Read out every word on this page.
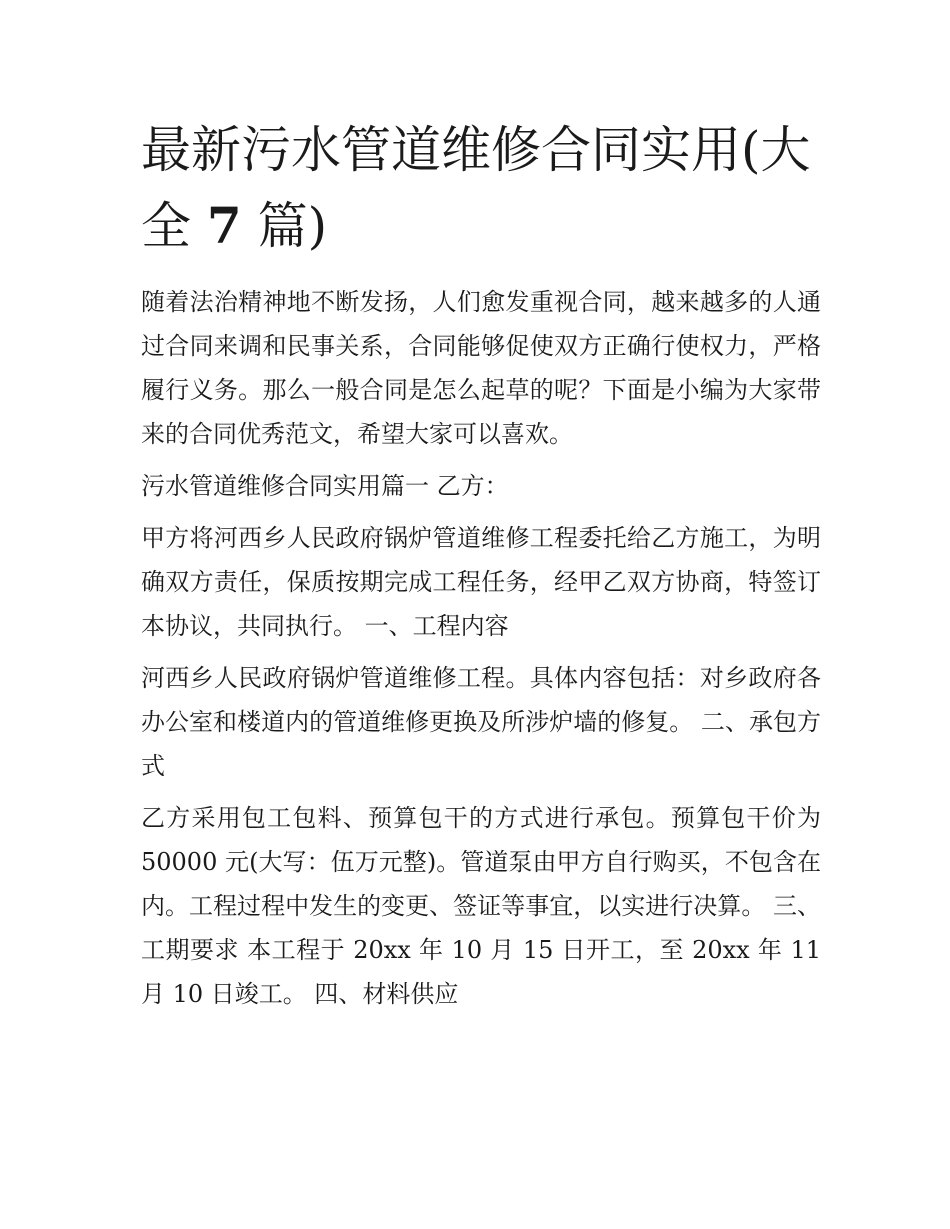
最新污水管道维修合同实用(大全 7 篇)

随着法治精神地不断发扬，人们愈发重视合同，越来越多的人通过合同来调和民事关系，合同能够促使双方正确行使权力，严格履行义务。那么一般合同是怎么起草的呢？下面是小编为大家带来的合同优秀范文，希望大家可以喜欢。

污水管道维修合同实用篇一 乙方：

甲方将河西乡人民政府锅炉管道维修工程委托给乙方施工，为明确双方责任，保质按期完成工程任务，经甲乙双方协商，特签订本协议，共同执行。 一、工程内容

河西乡人民政府锅炉管道维修工程。具体内容包括：对乡政府各办公室和楼道内的管道维修更换及所涉炉墙的修复。 二、承包方式

乙方采用包工包料、预算包干的方式进行承包。预算包干价为 50000 元(大写：伍万元整)。管道泵由甲方自行购买，不包含在内。工程过程中发生的变更、签证等事宜，以实进行决算。 三、工期要求 本工程于 20xx 年 10 月 15 日开工，至 20xx 年 11 月 10 日竣工。 四、材料供应
